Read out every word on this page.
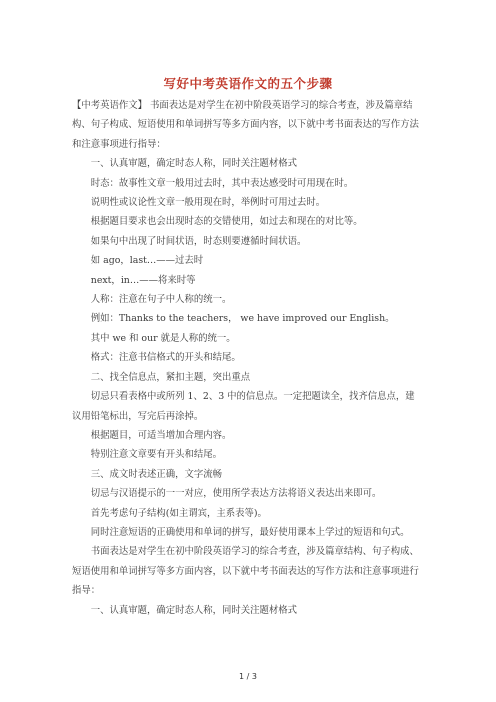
写好中考英语作文的五个步骤

【中考英语作文】 书面表达是对学生在初中阶段英语学习的综合考查，涉及篇章结构、句子构成、短语使用和单词拼写等多方面内容，以下就中考书面表达的写作方法和注意事项进行指导：

一、认真审题，确定时态人称，同时关注题材格式

时态：故事性文章一般用过去时，其中表达感受时可用现在时。

说明性或议论性文章一般用现在时，举例时可用过去时。

根据题目要求也会出现时态的交错使用，如过去和现在的对比等。

如果句中出现了时间状语，时态则要遵循时间状语。

如 ago，last…——过去时

next，in…——将来时等

人称：注意在句子中人称的统一。

例如：Thanks to the teachers， we have improved our English。

其中 we 和 our 就是人称的统一。

格式：注意书信格式的开头和结尾。

二、找全信息点，紧扣主题，突出重点

切忌只看表格中或所列 1、2、3 中的信息点。一定把题读全，找齐信息点，建议用铅笔标出，写完后再涂掉。

根据题目，可适当增加合理内容。

特别注意文章要有开头和结尾。

三、成文时表述正确，文字流畅

切忌与汉语提示的一一对应，使用所学表达方法将语义表达出来即可。

首先考虑句子结构(如主谓宾，主系表等)。

同时注意短语的正确使用和单词的拼写，最好使用课本上学过的短语和句式。

书面表达是对学生在初中阶段英语学习的综合考查，涉及篇章结构、句子构成、短语使用和单词拼写等多方面内容，以下就中考书面表达的写作方法和注意事项进行指导：

一、认真审题，确定时态人称，同时关注题材格式

1 / 3
